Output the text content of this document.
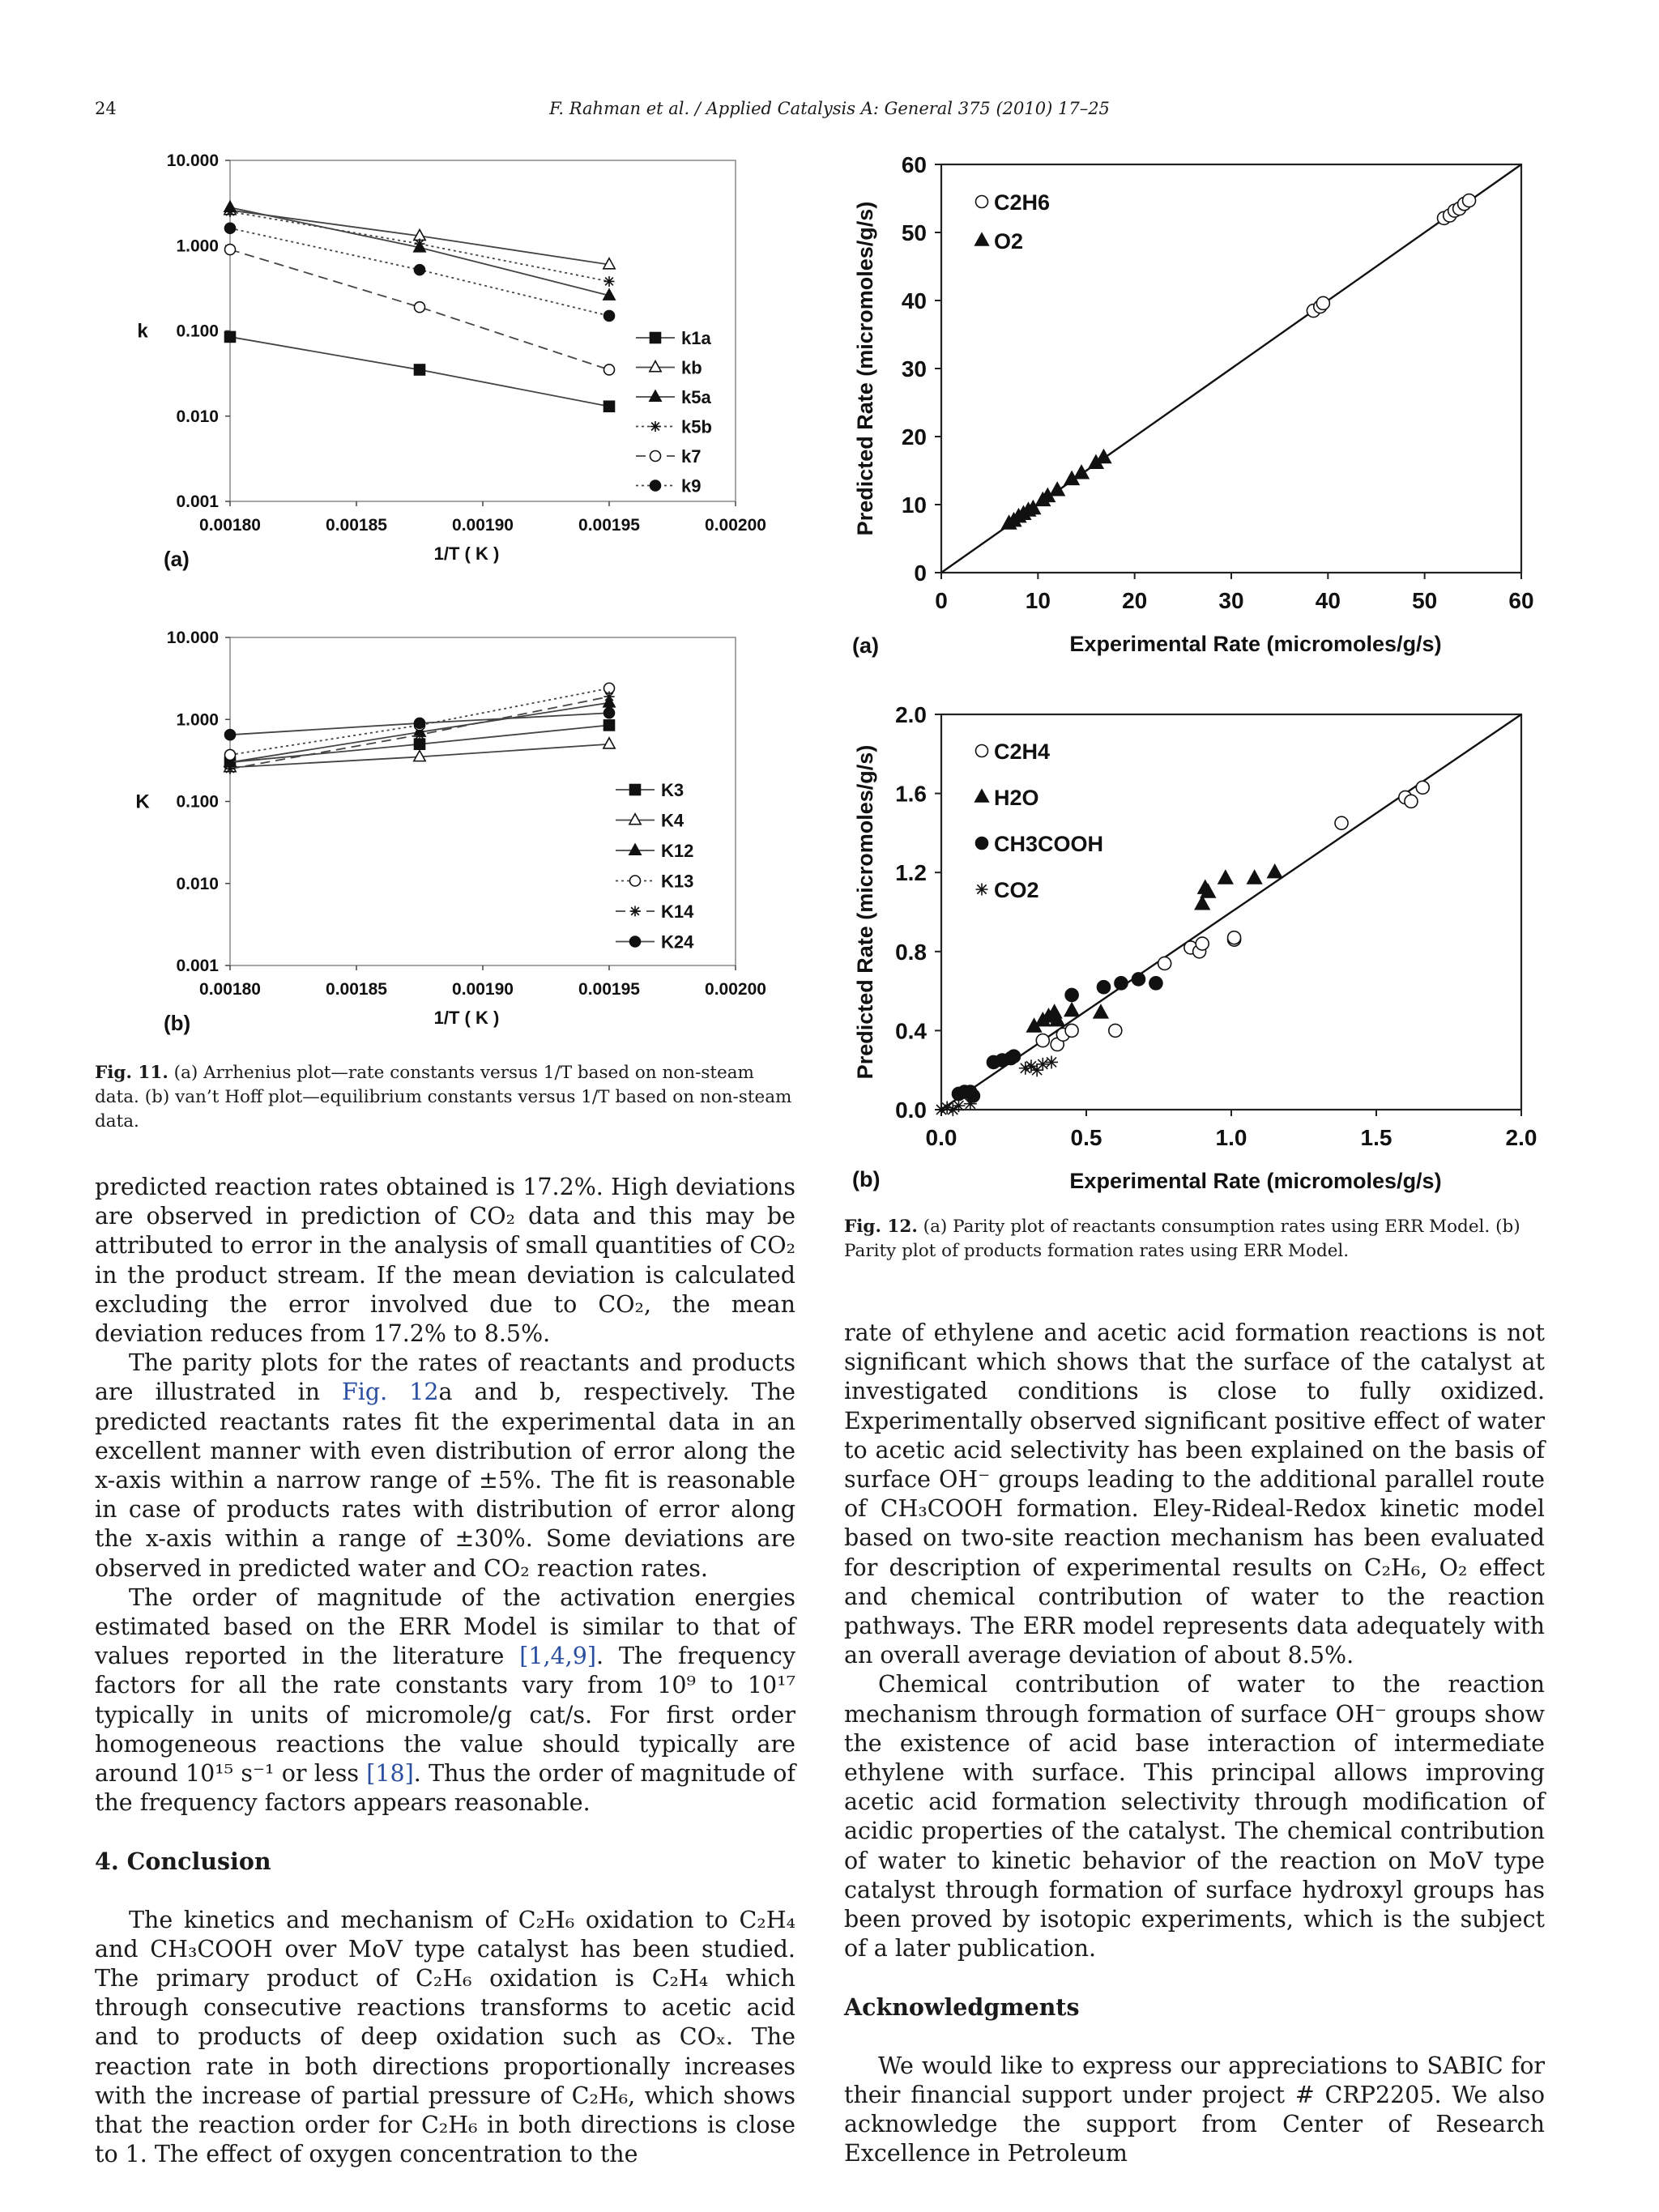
24	F. Rahman et al. / Applied Catalysis A: General 375 (2010) 17–25
10.000
1.000
0.100
0.010
0.001
0.00180	0.00185	0.00190	0.00195	0.00200
1/T ( K )
k
(a)
k1a
kb
k5a
k5b
k7
k9
10.000
1.000
0.100
0.010
0.001
0.00180	0.00185	0.00190	0.00195	0.00200
1/T ( K )
K
(b)
K3
K4
K12
K13
K14
K24
0
10
20
30
40
50
60
0	10	20	30	40	50	60
Experimental Rate (micromoles/g/s)
Predicted Rate (micromoles/g/s)
(a)
C2H6
O2
0.0
0.4
0.8
1.2
1.6
2.0
0.0	0.5	1.0	1.5	2.0
Experimental Rate (micromoles/g/s)
Predicted Rate (micromoles/g/s)
(b)
C2H4
H2O
CH3COOH
CO2
Fig. 11. (a) Arrhenius plot—rate constants versus 1/T based on non-steam data. (b) van’t Hoff plot—equilibrium constants versus 1/T based on non-steam data.
Fig. 12. (a) Parity plot of reactants consumption rates using ERR Model. (b) Parity plot of products formation rates using ERR Model.

predicted reaction rates obtained is 17.2%. High deviations are observed in prediction of CO₂ data and this may be attributed to error in the analysis of small quantities of CO₂ in the product stream. If the mean deviation is calculated excluding the error involved due to CO₂, the mean deviation reduces from 17.2% to 8.5%.

The parity plots for the rates of reactants and products are illustrated in Fig. 12a and b, respectively. The predicted reactants rates fit the experimental data in an excellent manner with even distribution of error along the x-axis within a narrow range of ±5%. The fit is reasonable in case of products rates with distribution of error along the x-axis within a range of ±30%. Some deviations are observed in predicted water and CO₂ reaction rates.

The order of magnitude of the activation energies estimated based on the ERR Model is similar to that of values reported in the literature [1,4,9]. The frequency factors for all the rate constants vary from 10⁹ to 10¹⁷ typically in units of micromole/g cat/s. For first order homogeneous reactions the value should typically are around 10¹⁵ s⁻¹ or less [18]. Thus the order of magnitude of the frequency factors appears reasonable.

4. Conclusion

The kinetics and mechanism of C₂H₆ oxidation to C₂H₄ and CH₃COOH over MoV type catalyst has been studied. The primary product of C₂H₆ oxidation is C₂H₄ which through consecutive reactions transforms to acetic acid and to products of deep oxidation such as COₓ. The reaction rate in both directions proportionally increases with the increase of partial pressure of C₂H₆, which shows that the reaction order for C₂H₆ in both directions is close to 1. The effect of oxygen concentration to the

rate of ethylene and acetic acid formation reactions is not significant which shows that the surface of the catalyst at investigated conditions is close to fully oxidized. Experimentally observed significant positive effect of water to acetic acid selectivity has been explained on the basis of surface OH⁻ groups leading to the additional parallel route of CH₃COOH formation. Eley-Rideal-Redox kinetic model based on two-site reaction mechanism has been evaluated for description of experimental results on C₂H₆, O₂ effect and chemical contribution of water to the reaction pathways. The ERR model represents data adequately with an overall average deviation of about 8.5%.

Chemical contribution of water to the reaction mechanism through formation of surface OH⁻ groups show the existence of acid base interaction of intermediate ethylene with surface. This principal allows improving acetic acid formation selectivity through modification of acidic properties of the catalyst. The chemical contribution of water to kinetic behavior of the reaction on MoV type catalyst through formation of surface hydroxyl groups has been proved by isotopic experiments, which is the subject of a later publication.

Acknowledgments

We would like to express our appreciations to SABIC for their financial support under project # CRP2205. We also acknowledge the support from Center of Research Excellence in Petroleum
